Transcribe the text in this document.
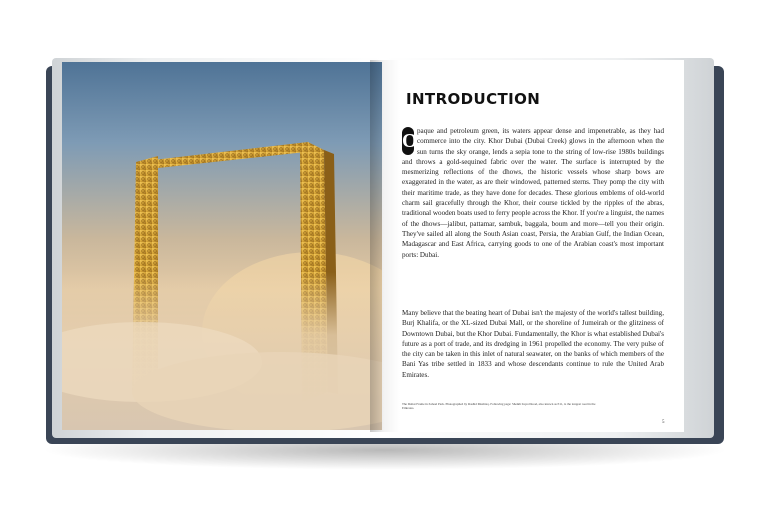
INTRODUCTION
O paque and petroleum green, its waters appear dense and impenetrable, as they had commerce into the city. Khor Dubai (Dubai Creek) glows in the afternoon when the sun turns the sky orange, lends a sepia tone to the string of low-rise 1980s buildings and throws a gold-sequined fabric over the water. The surface is interrupted by the mesmerizing reflections of the dhows, the historic vessels whose sharp bows are exaggerated in the water, as are their windowed, patterned sterns. They pomp the city with their maritime trade, as they have done for decades. These glorious emblems of old-world charm sail gracefully through the Khor, their course tickled by the ripples of the abras, traditional wooden boats used to ferry people across the Khor. If you're a linguist, the names of the dhows—jalibut, pattamar, sambuk, baggala, boum and more—tell you their origin. They've sailed all along the South Asian coast, Persia, the Arabian Gulf, the Indian Ocean, Madagascar and East Africa, carrying goods to one of the Arabian coast's most important ports: Dubai.
Many believe that the beating heart of Dubai isn't the majesty of the world's tallest building, Burj Khalifa, or the XL-sized Dubai Mall, or the shoreline of Jumeirah or the glitziness of Downtown Dubai, but the Khor Dubai. Fundamentally, the Khor is what established Dubai's future as a port of trade, and its dredging in 1961 propelled the economy. The very pulse of the city can be taken in this inlet of natural seawater, on the banks of which members of the Bani Yas tribe settled in 1833 and whose descendants continue to rule the United Arab Emirates.
The Dubai Frame in Zabeel Park. Photographed by Rashid Mushtaq. Following page: Sheikh Zayed Road, also known as E11, is the longest road in the Emirates.
5
